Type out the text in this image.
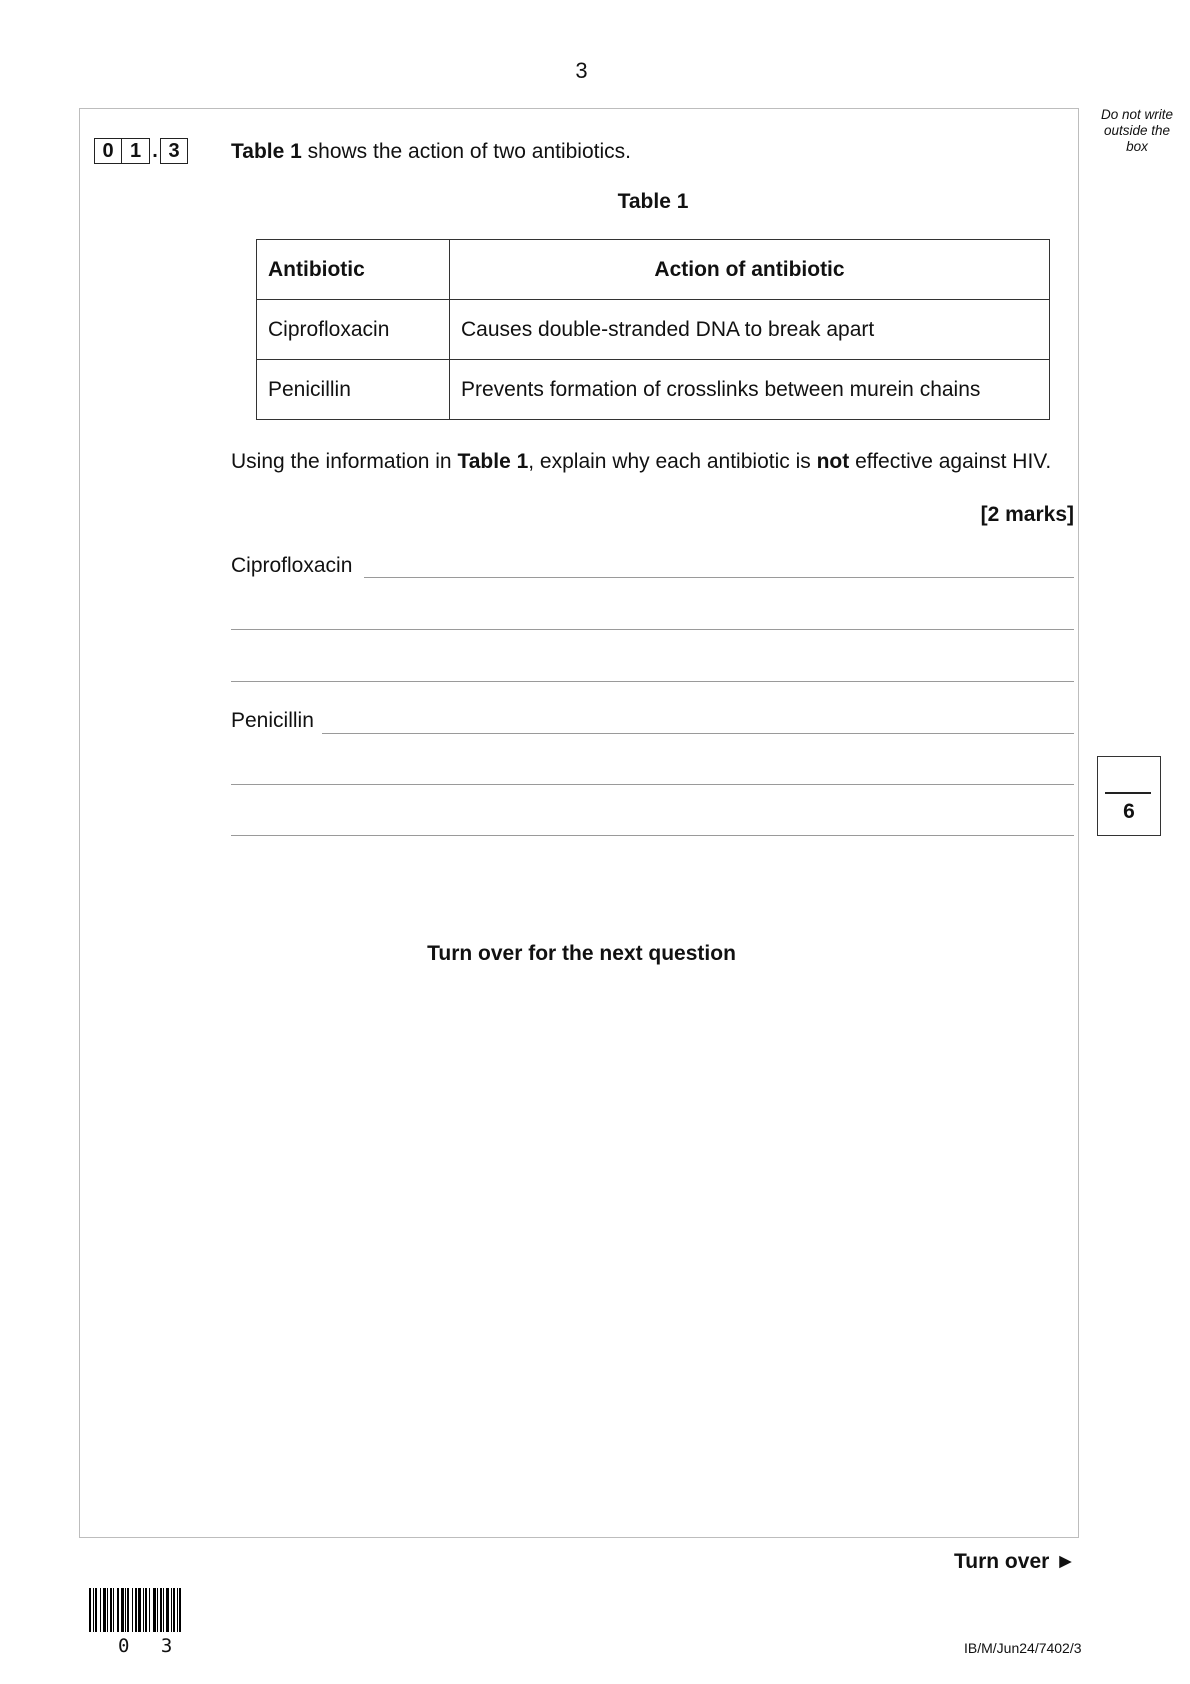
3
Do not write
outside the
box
0 1 . 3	Table 1 shows the action of two antibiotics.
Table 1
Antibiotic	Action of antibiotic
Ciprofloxacin	Causes double-stranded DNA to break apart
Penicillin	Prevents formation of crosslinks between murein chains
Using the information in Table 1, explain why each antibiotic is not effective against HIV.
[2 marks]
Ciprofloxacin
Penicillin
6
Turn over for the next question
Turn over ►
0 3	IB/M/Jun24/7402/3
